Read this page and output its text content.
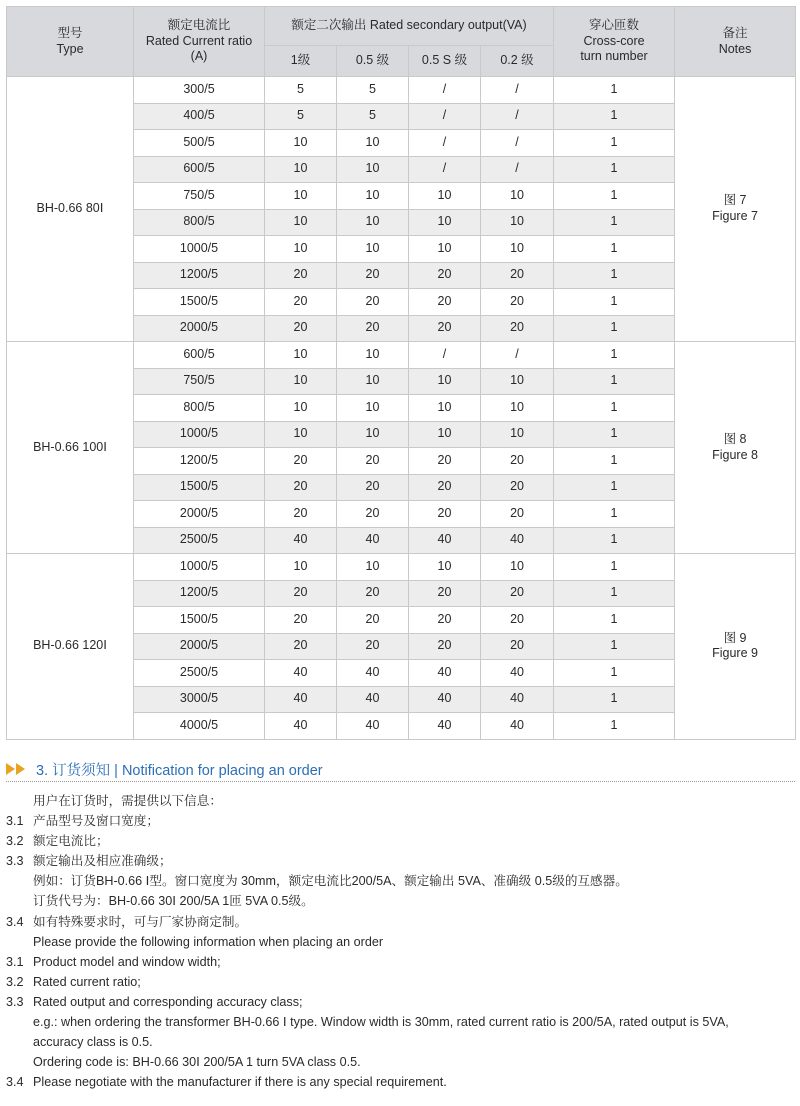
型号
Type	额定电流比
Rated Current ratio
(A)	额定二次输出 Rated secondary output(VA)				穿心匝数
Cross-core
turn number	备注
Notes

		1级	0.5 级	0.5 S 级	0.2 级		
BH-0.66 80Ⅰ	300/5	5	5	/	/	1	图 7
Figure 7

	400/5	5	5	/	/	1	
	500/5	10	10	/	/	1	
	600/5	10	10	/	/	1	
	750/5	10	10	10	10	1	
	800/5	10	10	10	10	1	
	1000/5	10	10	10	10	1	
	1200/5	20	20	20	20	1	
	1500/5	20	20	20	20	1	
	2000/5	20	20	20	20	1	
BH-0.66 100Ⅰ	600/5	10	10	/	/	1	图 8
Figure 8

	750/5	10	10	10	10	1	
	800/5	10	10	10	10	1	
	1000/5	10	10	10	10	1	
	1200/5	20	20	20	20	1	
	1500/5	20	20	20	20	1	
	2000/5	20	20	20	20	1	
	2500/5	40	40	40	40	1	
BH-0.66 120Ⅰ	1000/5	10	10	10	10	1	图 9
Figure 9

	1200/5	20	20	20	20	1	
	1500/5	20	20	20	20	1	
	2000/5	20	20	20	20	1	
	2500/5	40	40	40	40	1	
	3000/5	40	40	40	40	1	
	4000/5	40	40	40	40	1	
3. 订货须知 | Notification for placing an order
用户在订货时，需提供以下信息：
3.1 产品型号及窗口宽度；
3.2 额定电流比；
3.3 额定输出及相应准确级；
例如：订货BH-0.66 Ⅰ型。窗口宽度为 30mm，额定电流比200/5A、额定输出 5VA、准确级 0.5级的互感器。
订货代号为：BH-0.66 30Ⅰ 200/5A 1匝 5VA 0.5级。
3.4 如有特殊要求时，可与厂家协商定制。
Please provide the following information when placing an order
3.1 Product model and window width;
3.2 Rated current ratio;
3.3 Rated output and corresponding accuracy class;
e.g.: when ordering the transformer BH-0.66 Ⅰ type. Window width is 30mm, rated current ratio is 200/5A, rated output is 5VA,
accuracy class is 0.5.
Ordering code is: BH-0.66 30Ⅰ 200/5A 1 turn 5VA class 0.5.
3.4 Please negotiate with the manufacturer if there is any special requirement.
